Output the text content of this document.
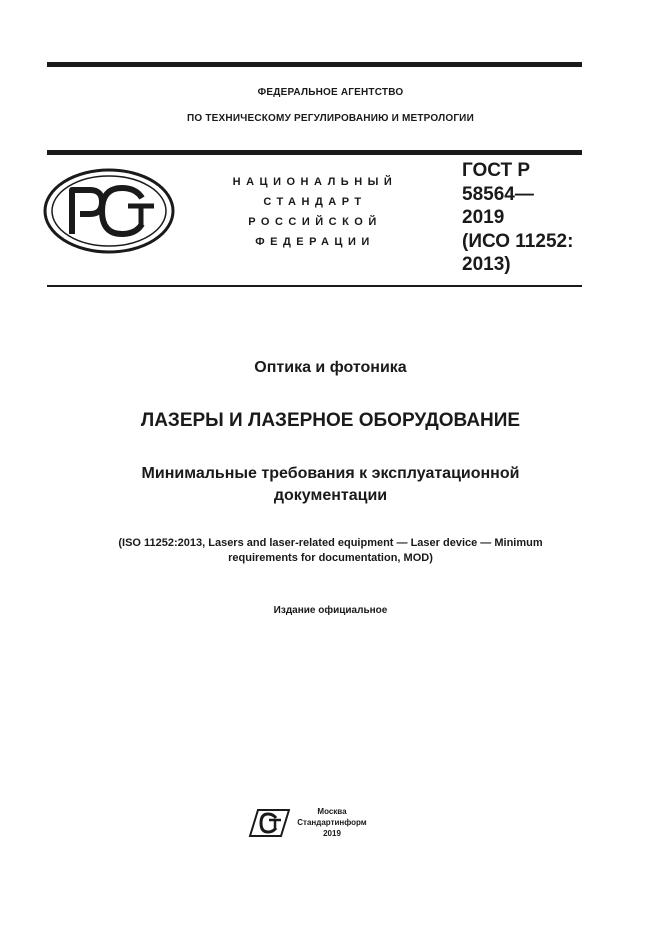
ФЕДЕРАЛЬНОЕ АГЕНТСТВО
ПО ТЕХНИЧЕСКОМУ РЕГУЛИРОВАНИЮ И МЕТРОЛОГИИ
НАЦИОНАЛЬНЫЙ
СТАНДАРТ
РОССИЙСКОЙ
ФЕДЕРАЦИИ
ГОСТ Р
58564—
2019
(ИСО 11252:
2013)
Оптика и фотоника
ЛАЗЕРЫ И ЛАЗЕРНОЕ ОБОРУДОВАНИЕ
Минимальные требования к эксплуатационной
документации
(ISO 11252:2013, Lasers and laser-related equipment — Laser device — Minimum
requirements for documentation, MOD)
Издание официальное
Москва
Стандартинформ
2019
